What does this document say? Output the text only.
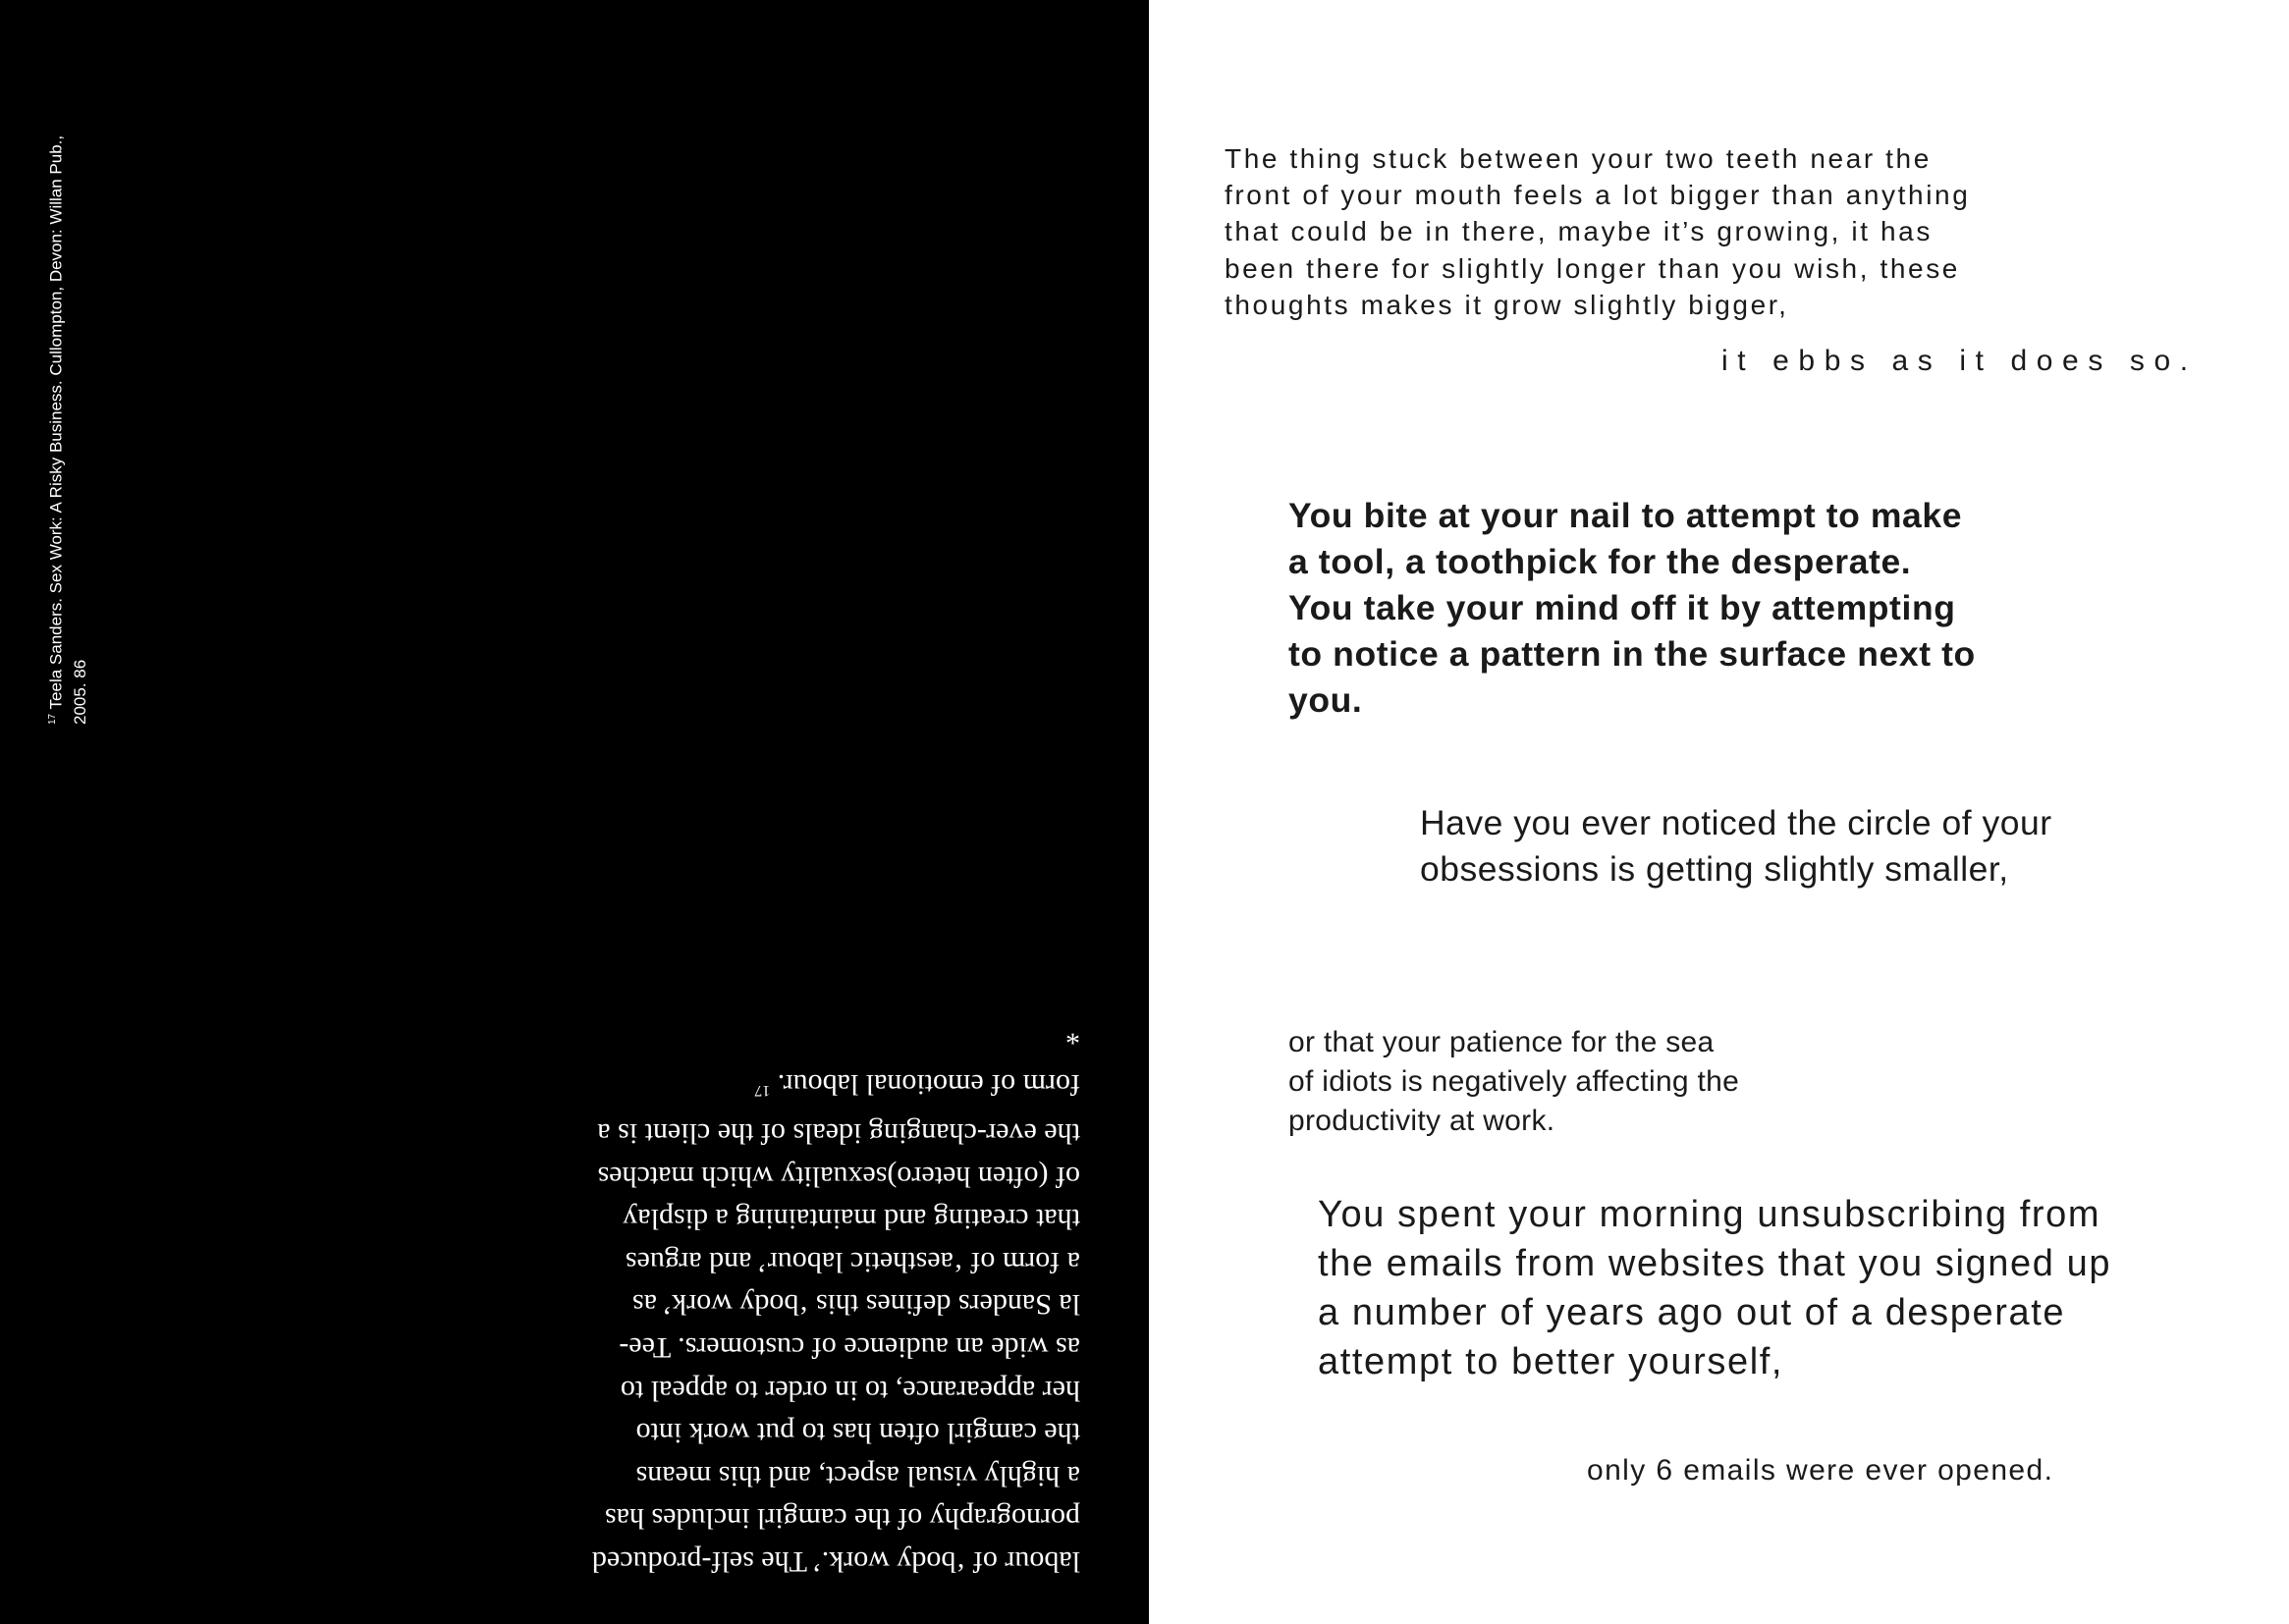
$^{17}$ Teela Sanders. Sex Work: A Risky Business. Cullompton, Devon: Willan Pub., 2005. 86

labour of ‘body work.’ The self-produced

pornography of the camgirl includes has

a highly visual aspect, and this means

the camgirl often has to put work into

her appearance, to in order to appeal to

as wide an audience of customers. Tee-

la Sanders defines this ‘body work’ as

a form of ‘aesthetic labour’ and argues

that creating and maintaining a display

of (often hetero)sexuality which matches

the ever-changing ideals of the client is a

form of emotional labour. $^{17}$

*

The thing stuck between your two teeth near the

front of your mouth feels a lot bigger than anything

that could be in there, maybe it’s growing, it has

been there for slightly longer than you wish, these

thoughts makes it grow slightly bigger,

it ebbs as it does so.

You bite at your nail to attempt to make

a tool, a toothpick for the desperate.

You take your mind off it by attempting

to notice a pattern in the surface next to

you.

Have you ever noticed the circle of your

obsessions is getting slightly smaller,

or that your patience for the sea

of idiots is negatively affecting the

productivity at work.

You spent your morning unsubscribing from

the emails from websites that you signed up

a number of years ago out of a desperate

attempt to better yourself,

only 6 emails were ever opened.
